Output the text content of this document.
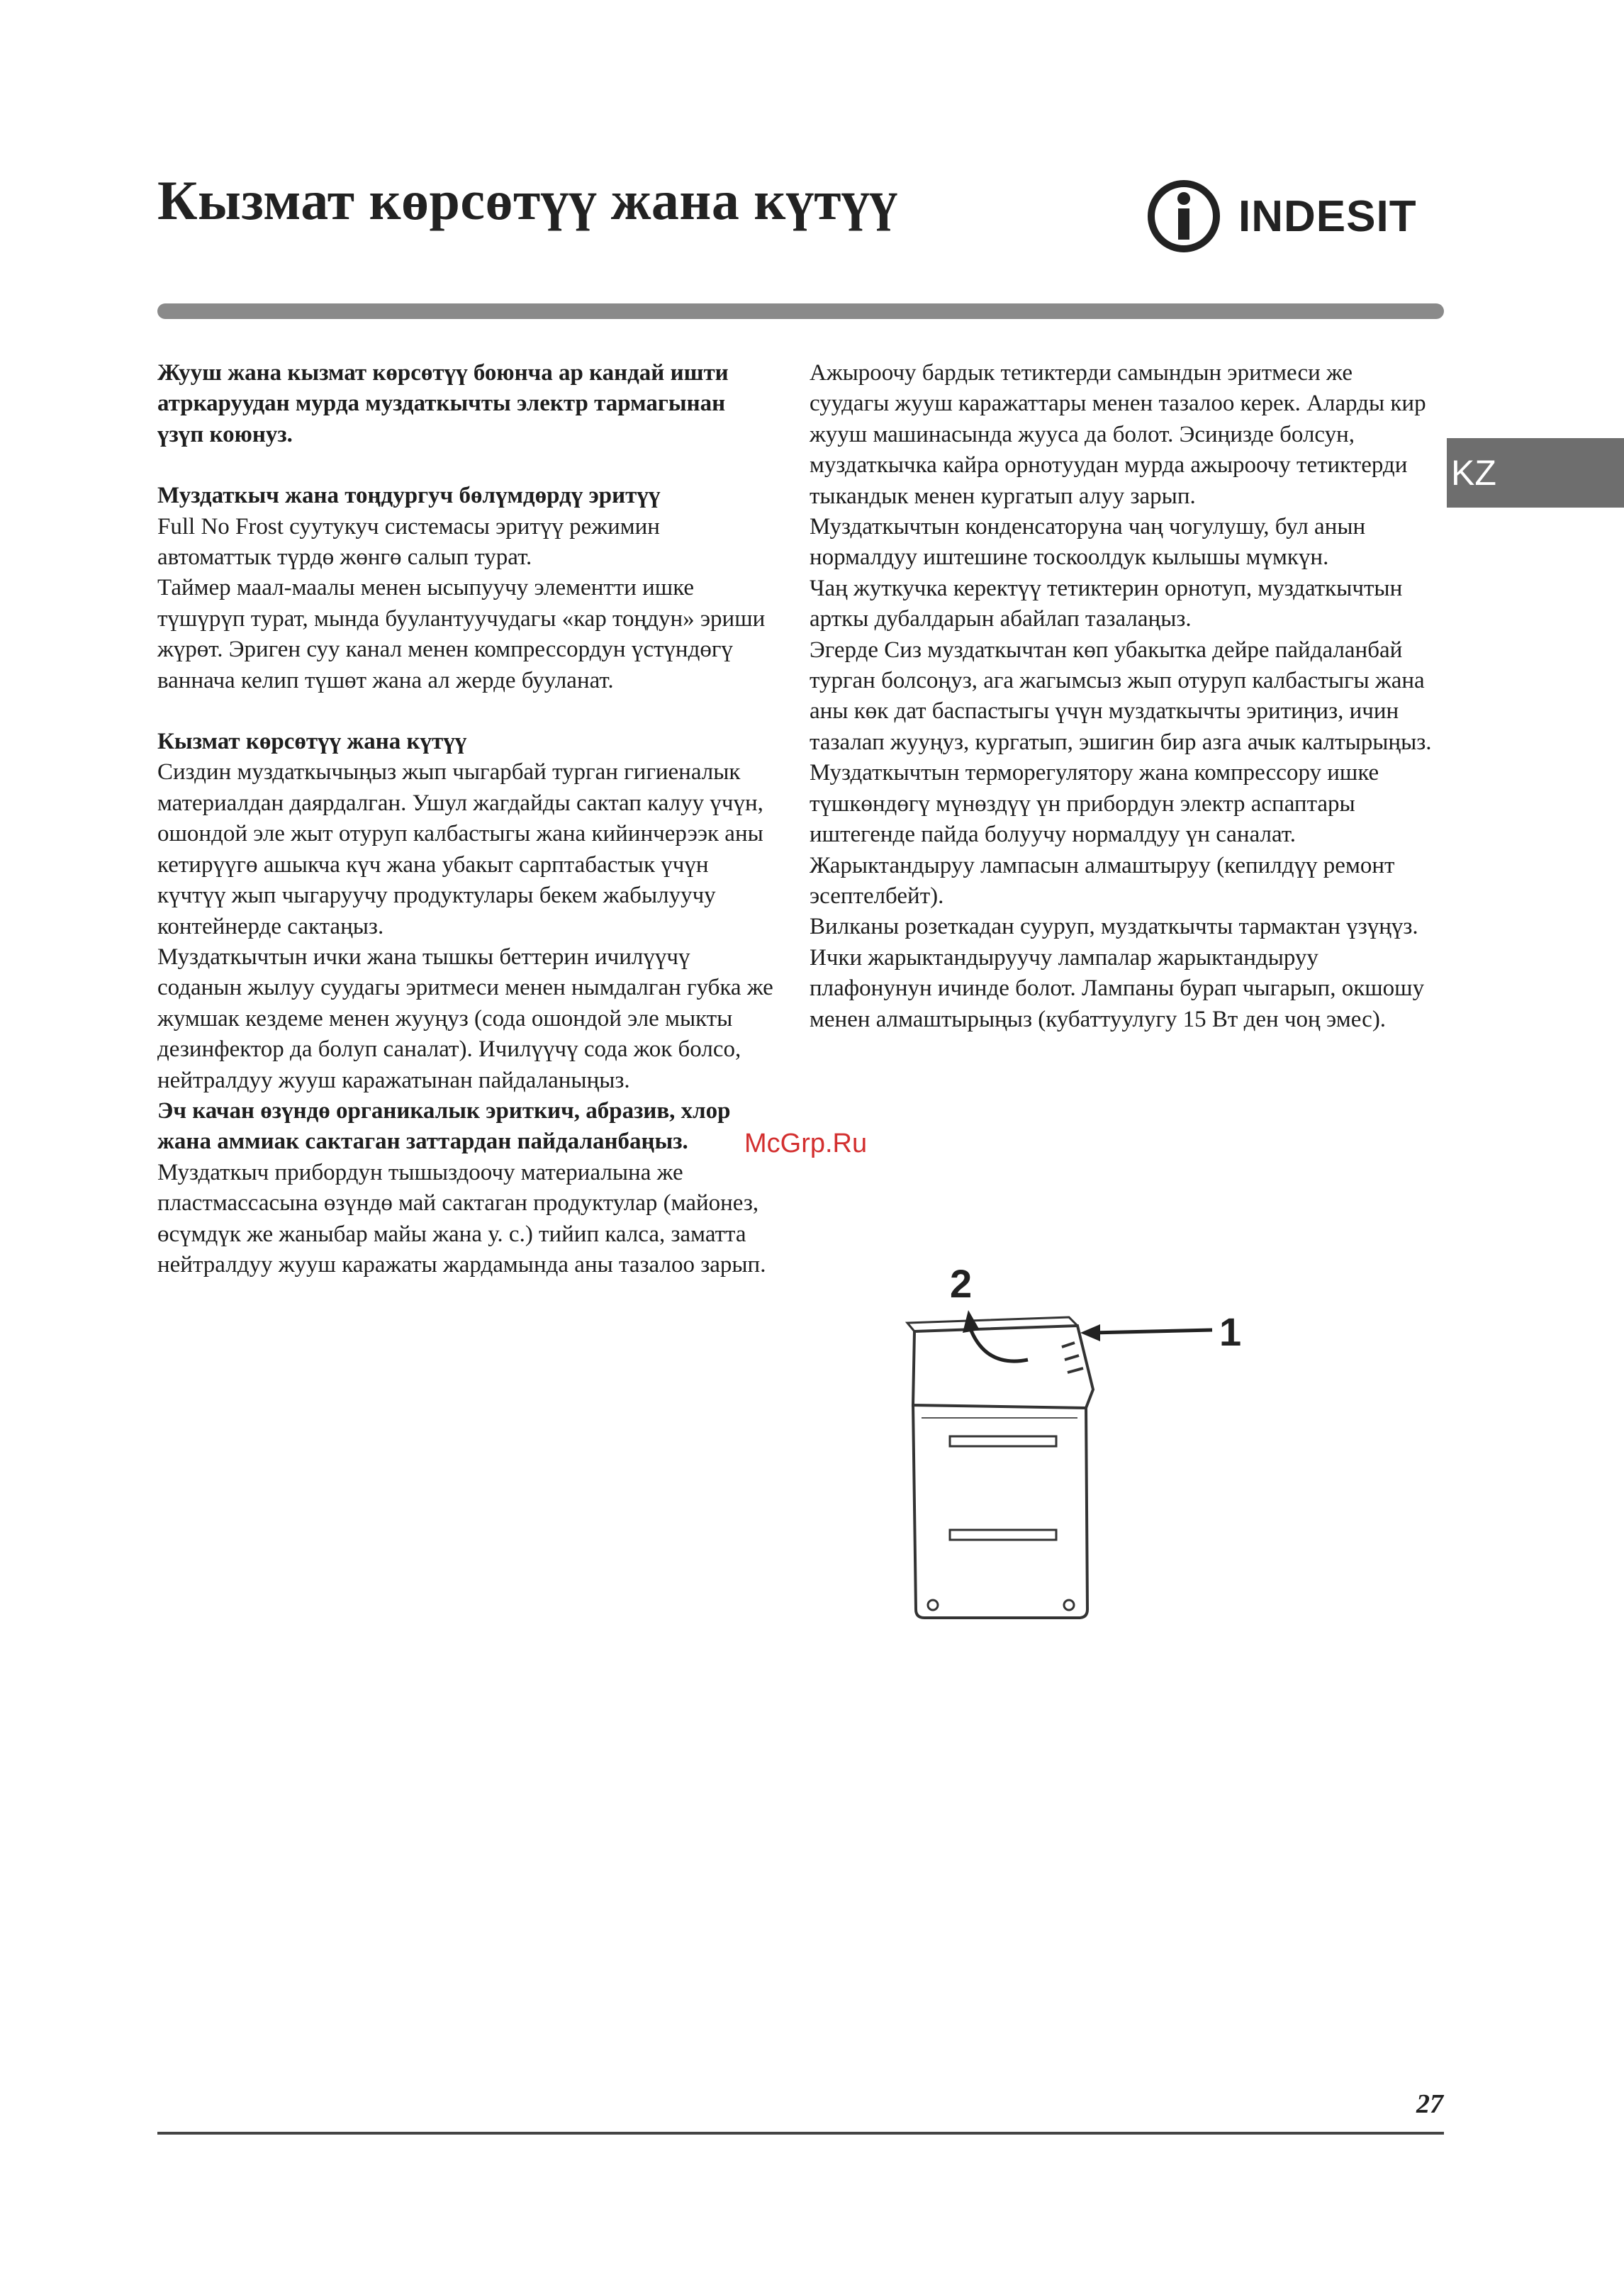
Кызмат көрсөтүү жана күтүү	INDESIT
KZ

Жууш жана кызмат көрсөтүү боюнча ар кандай ишти атркаруудан мурда муздаткычты электр тармагынан үзүп коюнуз.

Муздаткыч жана тоңдургуч бөлүмдөрдү эритүү

Full No Frost суутукуч системасы эритүү режимин автоматтык түрдө жөнгө салып турат.

Таймер маал-маалы менен ысыпуучу элементти ишке түшүрүп турат, мында буулантуучудагы «кар тоңдун» эриши жүрөт. Эриген суу канал менен компрессордун үстүндөгү ваннача келип түшөт жана ал жерде бууланат.

Кызмат көрсөтүү жана күтүү

Сиздин муздаткычыңыз жып чыгарбай турган гигиеналык материалдан даярдалган. Ушул жагдайды сактап калуу үчүн, ошондой эле жыт отуруп калбастыгы жана кийинчерээк аны кетирүүгө ашыкча күч жана убакыт сарптабастык үчүн күчтүү жып чыгаруучу продуктулары бекем жабылуучу контейнерде сактаңыз.

Муздаткычтын ички жана тышкы беттерин ичилүүчү соданын жылуу суудагы эритмеси менен нымдалган губка же жумшак кездеме менен жууңуз (сода ошондой эле мыкты дезинфектор да болуп саналат). Ичилүүчү сода жок болсо, нейтралдуу жууш каражатынан пайдаланыңыз.

Эч качан өзүндө органикалык эриткич, абразив, хлор жана аммиак сактаган заттардан пайдаланбаңыз.

Муздаткыч прибордун тышыздоочу материалына же пластмассасына өзүндө май сактаган продуктулар (майонез, өсүмдүк же жаныбар майы жана у. с.) тийип калса, заматта нейтралдуу жууш каражаты жардамында аны тазалоо зарып.

Ажыроочу бардык тетиктерди самындын эритмеси же суудагы жууш каражаттары менен тазалоо керек. Аларды кир жууш машинасында жууса да болот. Эсиңизде болсун, муздаткычка кайра орнотуудан мурда ажыроочу тетиктерди тыкандык менен кургатып алуу зарып.

Муздаткычтын конденсаторуна чаң чогулушу, бул анын нормалдуу иштешине тоскоолдук кылышы мүмкүн.

Чаң жуткучка керектүү тетиктерин орнотуп, муздаткычтын арткы дубалдарын абайлап тазалаңыз.

Эгерде Сиз муздаткычтан көп убакытка дейре пайдаланбай турган болсоңуз, ага жагымсыз жып отуруп калбастыгы жана аны көк дат баспастыгы үчүн муздаткычты эритиңиз, ичин тазалап жууңуз, кургатып, эшигин бир азга ачык калтырыңыз.

Муздаткычтын терморегулятору жана компрессору ишке түшкөндөгү мүнөздүү үн прибордун электр аспаптары иштегенде пайда болуучу нормалдуу үн саналат.

Жарыктандыруу лампасын алмаштыруу (кепилдүү ремонт эсептелбейт).

Вилканы розеткадан сууруп, муздаткычты тармактан үзүңүз. Ички жарыктандыруучу лампалар жарыктандыруу плафонунун ичинде болот. Лампаны бурап чыгарып, окшошу менен алмаштырыңыз (кубаттуулугу 15 Вт ден чоң эмес).

McGrp.Ru
2
1
27
